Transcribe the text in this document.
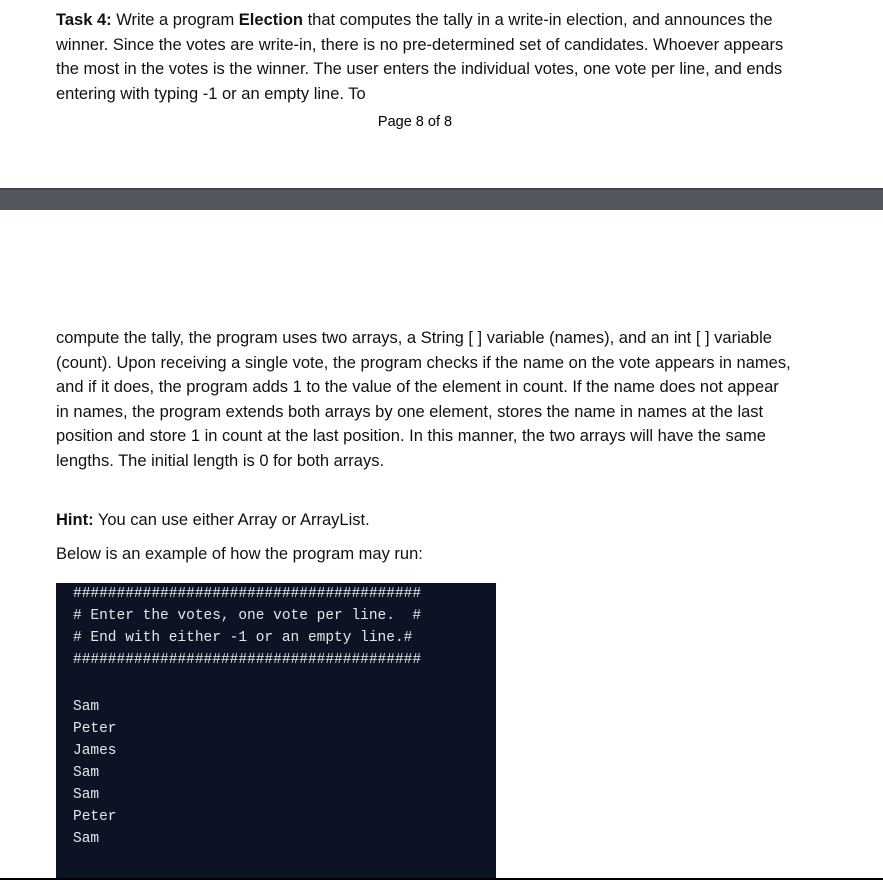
Task 4: Write a program Election that computes the tally in a write-in election, and announces the winner. Since the votes are write-in, there is no pre-determined set of candidates. Whoever appears the most in the votes is the winner. The user enters the individual votes, one vote per line, and ends entering with typing -1 or an empty line. To
Page 8 of 8
compute the tally, the program uses two arrays, a String [ ] variable (names), and an int [ ] variable (count). Upon receiving a single vote, the program checks if the name on the vote appears in names, and if it does, the program adds 1 to the value of the element in count. If the name does not appear in names, the program extends both arrays by one element, stores the name in names at the last position and store 1 in count at the last position. In this manner, the two arrays will have the same lengths. The initial length is 0 for both arrays.
Hint: You can use either Array or ArrayList.
Below is an example of how the program may run:
########################################
# Enter the votes, one vote per line.  #
# End with either -1 or an empty line.#
########################################
Sam
Peter
James
Sam
Sam
Peter
Sam
